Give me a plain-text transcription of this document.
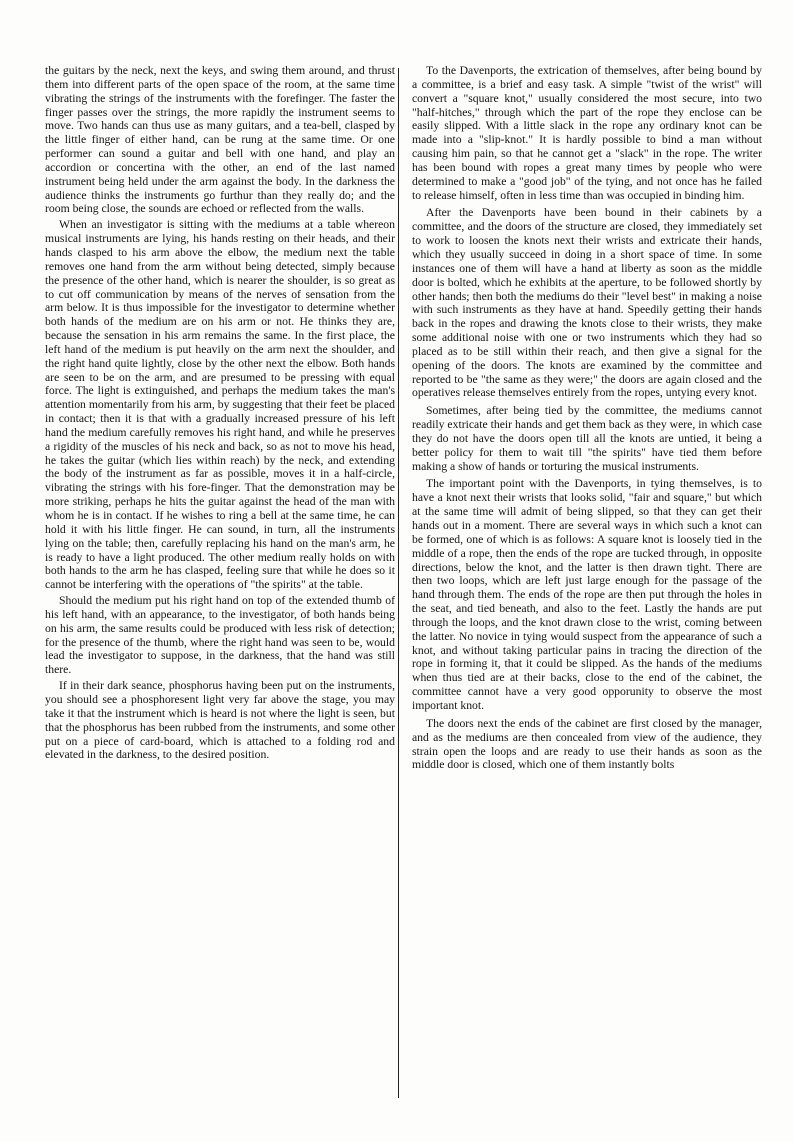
the guitars by the neck, next the keys, and swing them around, and thrust them into different parts of the open space of the room, at the same time vibrating the strings of the instruments with the forefinger. The faster the finger passes over the strings, the more rapidly the instrument seems to move. Two hands can thus use as many guitars, and a tea-bell, clasped by the little finger of either hand, can be rung at the same time. Or one performer can sound a guitar and bell with one hand, and play an accordion or concertina with the other, an end of the last named instrument being held under the arm against the body. In the darkness the audience thinks the instruments go furthur than they really do; and the room being close, the sounds are echoed or reflected from the walls.

When an investigator is sitting with the mediums at a table whereon musical instruments are lying, his hands resting on their heads, and their hands clasped to his arm above the elbow, the medium next the table removes one hand from the arm without being detected, simply because the presence of the other hand, which is nearer the shoulder, is so great as to cut off communication by means of the nerves of sensation from the arm below. It is thus impossible for the investigator to determine whether both hands of the medium are on his arm or not. He thinks they are, because the sensation in his arm remains the same. In the first place, the left hand of the medium is put heavily on the arm next the shoulder, and the right hand quite lightly, close by the other next the elbow. Both hands are seen to be on the arm, and are presumed to be pressing with equal force. The light is extinguished, and perhaps the medium takes the man's attention momentarily from his arm, by suggesting that their feet be placed in contact; then it is that with a gradually increased pressure of his left hand the medium carefully removes his right hand, and while he preserves a rigidity of the muscles of his neck and back, so as not to move his head, he takes the guitar (which lies within reach) by the neck, and extending the body of the instrument as far as possible, moves it in a half-circle, vibrating the strings with his fore-finger. That the demonstration may be more striking, perhaps he hits the guitar against the head of the man with whom he is in contact. If he wishes to ring a bell at the same time, he can hold it with his little finger. He can sound, in turn, all the instruments lying on the table; then, carefully replacing his hand on the man's arm, he is ready to have a light produced. The other medium really holds on with both hands to the arm he has clasped, feeling sure that while he does so it cannot be interfering with the operations of "the spirits" at the table.

Should the medium put his right hand on top of the extended thumb of his left hand, with an appearance, to the investigator, of both hands being on his arm, the same results could be produced with less risk of detection; for the presence of the thumb, where the right hand was seen to be, would lead the investigator to suppose, in the darkness, that the hand was still there.

If in their dark seance, phosphorus having been put on the instruments, you should see a phosphoresent light very far above the stage, you may take it that the instrument which is heard is not where the light is seen, but that the phosphorus has been rubbed from the instruments, and some other put on a piece of card-board, which is attached to a folding rod and elevated in the darkness, to the desired position.

To the Davenports, the extrication of themselves, after being bound by a committee, is a brief and easy task. A simple "twist of the wrist" will convert a "square knot," usually considered the most secure, into two "half-hitches," through which the part of the rope they enclose can be easily slipped. With a little slack in the rope any ordinary knot can be made into a "slip-knot." It is hardly possible to bind a man without causing him pain, so that he cannot get a "slack" in the rope. The writer has been bound with ropes a great many times by people who were determined to make a "good job" of the tying, and not once has he failed to release himself, often in less time than was occupied in binding him.

After the Davenports have been bound in their cabinets by a committee, and the doors of the structure are closed, they immediately set to work to loosen the knots next their wrists and extricate their hands, which they usually succeed in doing in a short space of time. In some instances one of them will have a hand at liberty as soon as the middle door is bolted, which he exhibits at the aperture, to be followed shortly by other hands; then both the mediums do their "level best" in making a noise with such instruments as they have at hand. Speedily getting their hands back in the ropes and drawing the knots close to their wrists, they make some additional noise with one or two instruments which they had so placed as to be still within their reach, and then give a signal for the opening of the doors. The knots are examined by the committee and reported to be "the same as they were;" the doors are again closed and the operatives release themselves entirely from the ropes, untying every knot.

Sometimes, after being tied by the committee, the mediums cannot readily extricate their hands and get them back as they were, in which case they do not have the doors open till all the knots are untied, it being a better policy for them to wait till "the spirits" have tied them before making a show of hands or torturing the musical instruments.

The important point with the Davenports, in tying themselves, is to have a knot next their wrists that looks solid, "fair and square," but which at the same time will admit of being slipped, so that they can get their hands out in a moment. There are several ways in which such a knot can be formed, one of which is as follows: A square knot is loosely tied in the middle of a rope, then the ends of the rope are tucked through, in opposite directions, below the knot, and the latter is then drawn tight. There are then two loops, which are left just large enough for the passage of the hand through them. The ends of the rope are then put through the holes in the seat, and tied beneath, and also to the feet. Lastly the hands are put through the loops, and the knot drawn close to the wrist, coming between the latter. No novice in tying would suspect from the appearance of such a knot, and without taking particular pains in tracing the direction of the rope in forming it, that it could be slipped. As the hands of the mediums when thus tied are at their backs, close to the end of the cabinet, the committee cannot have a very good opporunity to observe the most important knot.

The doors next the ends of the cabinet are first closed by the manager, and as the mediums are then concealed from view of the audience, they strain open the loops and are ready to use their hands as soon as the middle door is closed, which one of them instantly bolts
